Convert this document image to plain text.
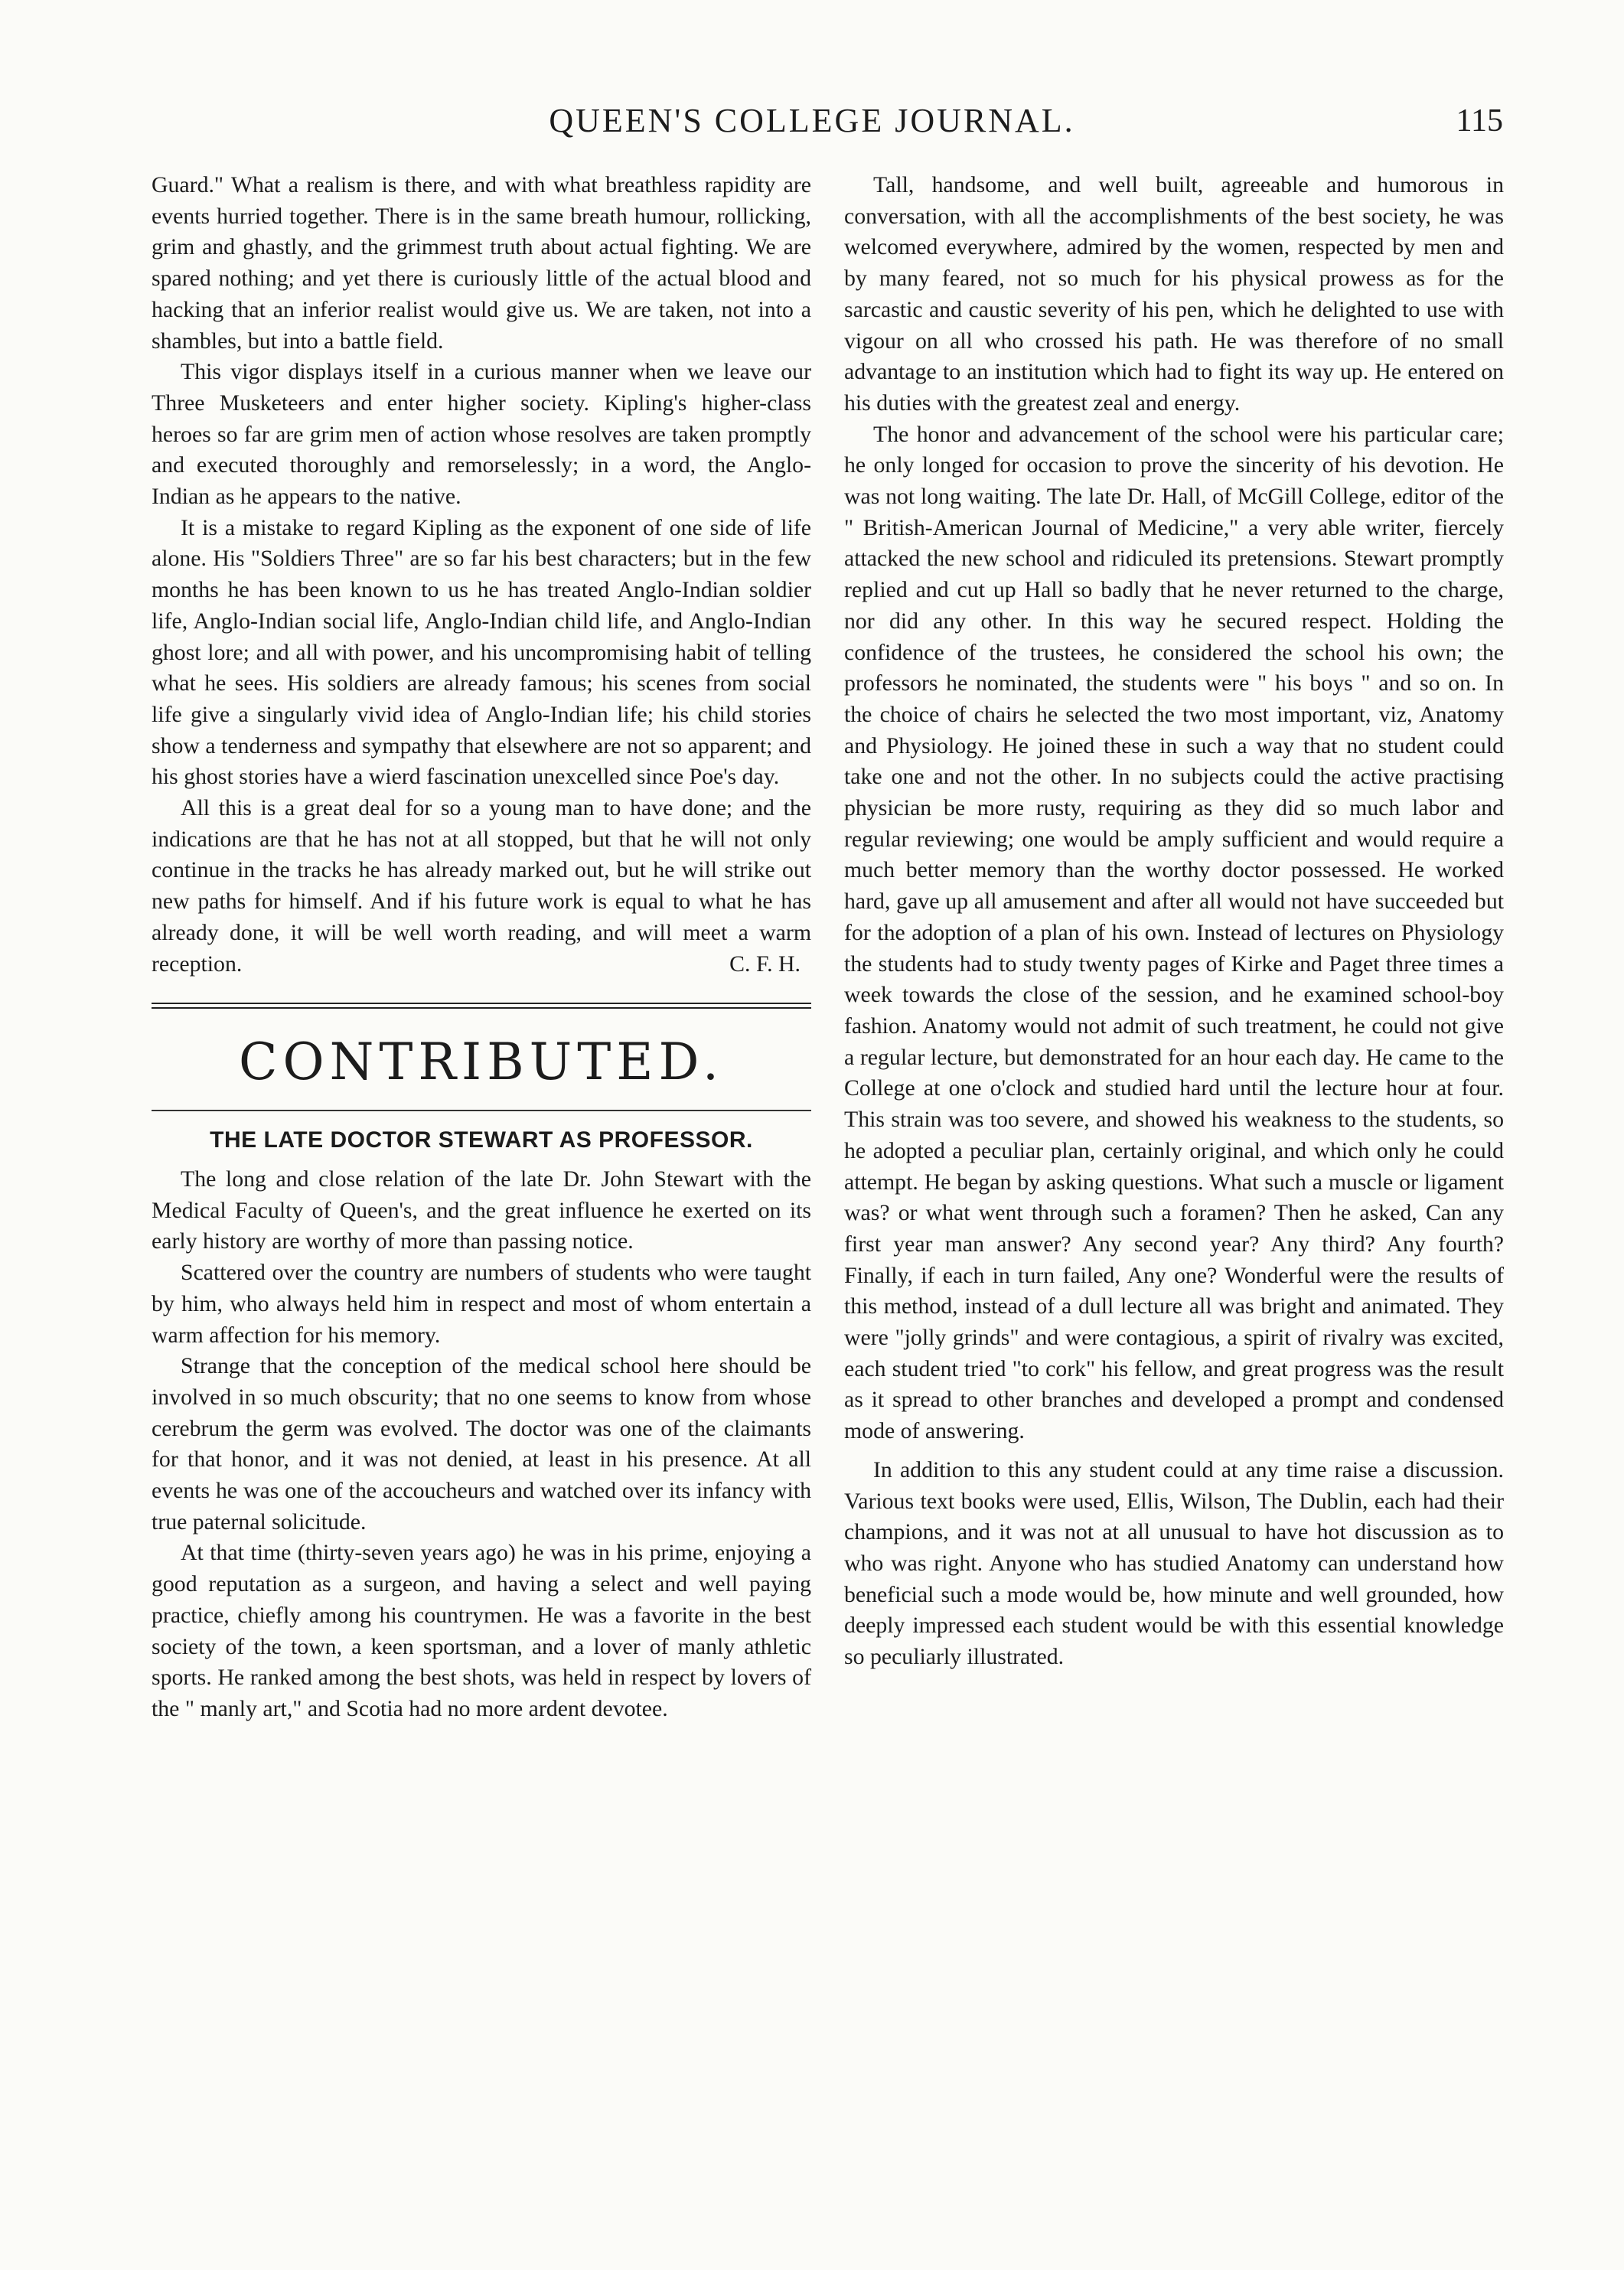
QUEEN'S COLLEGE JOURNAL.	115

Guard." What a realism is there, and with what breathless rapidity are events hurried together. There is in the same breath humour, rollicking, grim and ghastly, and the grimmest truth about actual fighting. We are spared nothing; and yet there is curiously little of the actual blood and hacking that an inferior realist would give us. We are taken, not into a shambles, but into a battle field.

This vigor displays itself in a curious manner when we leave our Three Musketeers and enter higher society. Kipling's higher-class heroes so far are grim men of action whose resolves are taken promptly and executed thoroughly and remorselessly; in a word, the Anglo-Indian as he appears to the native.

It is a mistake to regard Kipling as the exponent of one side of life alone. His "Soldiers Three" are so far his best characters; but in the few months he has been known to us he has treated Anglo-Indian soldier life, Anglo-Indian social life, Anglo-Indian child life, and Anglo-Indian ghost lore; and all with power, and his uncompromising habit of telling what he sees. His soldiers are already famous; his scenes from social life give a singularly vivid idea of Anglo-Indian life; his child stories show a tenderness and sympathy that elsewhere are not so apparent; and his ghost stories have a wierd fascination unexcelled since Poe's day.

All this is a great deal for so a young man to have done; and the indications are that he has not at all stopped, but that he will not only continue in the tracks he has already marked out, but he will strike out new paths for himself. And if his future work is equal to what he has already done, it will be well worth reading, and will meet a warm reception.	C. F. H.

CONTRIBUTED.
THE LATE DOCTOR STEWART AS PROFESSOR.

The long and close relation of the late Dr. John Stewart with the Medical Faculty of Queen's, and the great influence he exerted on its early history are worthy of more than passing notice.

Scattered over the country are numbers of students who were taught by him, who always held him in respect and most of whom entertain a warm affection for his memory.

Strange that the conception of the medical school here should be involved in so much obscurity; that no one seems to know from whose cerebrum the germ was evolved. The doctor was one of the claimants for that honor, and it was not denied, at least in his presence. At all events he was one of the accoucheurs and watched over its infancy with true paternal solicitude.

At that time (thirty-seven years ago) he was in his prime, enjoying a good reputation as a surgeon, and having a select and well paying practice, chiefly among his countrymen. He was a favorite in the best society of the town, a keen sportsman, and a lover of manly athletic sports. He ranked among the best shots, was held in respect by lovers of the " manly art," and Scotia had no more ardent devotee.

Tall, handsome, and well built, agreeable and humorous in conversation, with all the accomplishments of the best society, he was welcomed everywhere, admired by the women, respected by men and by many feared, not so much for his physical prowess as for the sarcastic and caustic severity of his pen, which he delighted to use with vigour on all who crossed his path. He was therefore of no small advantage to an institution which had to fight its way up. He entered on his duties with the greatest zeal and energy.

The honor and advancement of the school were his particular care; he only longed for occasion to prove the sincerity of his devotion. He was not long waiting. The late Dr. Hall, of McGill College, editor of the " British-American Journal of Medicine," a very able writer, fiercely attacked the new school and ridiculed its pretensions. Stewart promptly replied and cut up Hall so badly that he never returned to the charge, nor did any other. In this way he secured respect. Holding the confidence of the trustees, he considered the school his own; the professors he nominated, the students were " his boys " and so on. In the choice of chairs he selected the two most important, viz, Anatomy and Physiology. He joined these in such a way that no student could take one and not the other. In no subjects could the active practising physician be more rusty, requiring as they did so much labor and regular reviewing; one would be amply sufficient and would require a much better memory than the worthy doctor possessed. He worked hard, gave up all amusement and after all would not have succeeded but for the adoption of a plan of his own. Instead of lectures on Physiology the students had to study twenty pages of Kirke and Paget three times a week towards the close of the session, and he examined school-boy fashion. Anatomy would not admit of such treatment, he could not give a regular lecture, but demonstrated for an hour each day. He came to the College at one o'clock and studied hard until the lecture hour at four. This strain was too severe, and showed his weakness to the students, so he adopted a peculiar plan, certainly original, and which only he could attempt. He began by asking questions. What such a muscle or ligament was? or what went through such a foramen? Then he asked, Can any first year man answer? Any second year? Any third? Any fourth? Finally, if each in turn failed, Any one? Wonderful were the results of this method, instead of a dull lecture all was bright and animated. They were "jolly grinds" and were contagious, a spirit of rivalry was excited, each student tried "to cork" his fellow, and great progress was the result as it spread to other branches and developed a prompt and condensed mode of answering.

In addition to this any student could at any time raise a discussion. Various text books were used, Ellis, Wilson, The Dublin, each had their champions, and it was not at all unusual to have hot discussion as to who was right. Anyone who has studied Anatomy can understand how beneficial such a mode would be, how minute and well grounded, how deeply impressed each student would be with this essential knowledge so peculiarly illustrated.
